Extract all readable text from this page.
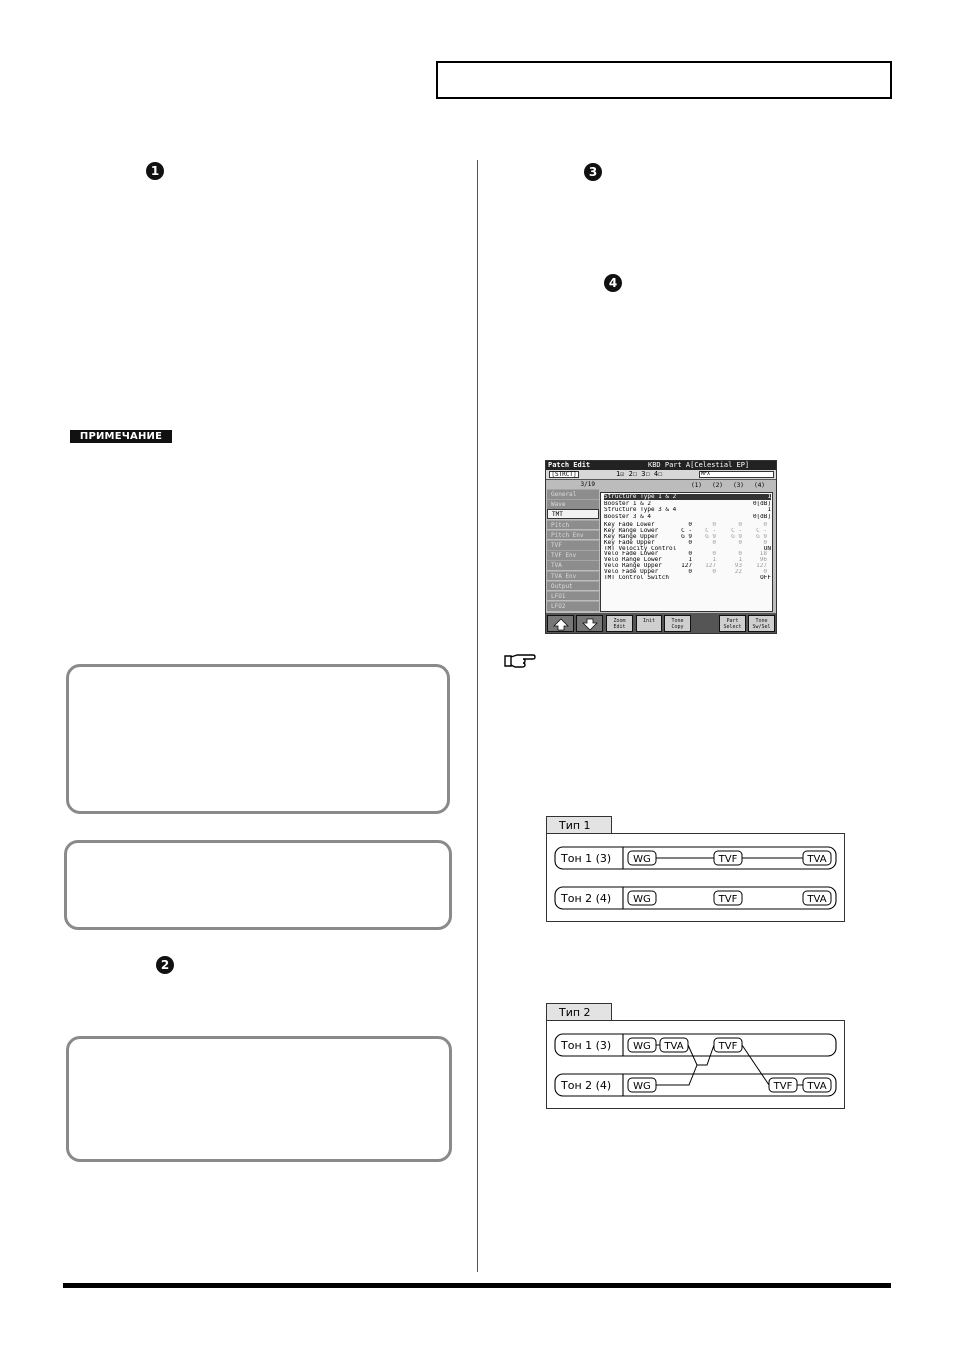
1
2
3
4
ПРИМЕЧАНИЕ
Patch Edit	KBD Part A[Celestial EP]
[STRCT]	1☑ 2☐ 3☐ 4☐	MFX
3/19
General
Wave
TMT
Pitch
Pitch Env
TVF
TVF Env
TVA
TVA Env
Output
LFO1
LFO2
(1) (2) (3) (4)
Structure Type 1 & 2	1
Booster 1 & 2	0[dB]
Structure Type 3 & 4	1
Booster 3 & 4	0[dB]
Key Fade Lower	0	0	0	0
Key Range Lower	C -	C -	C -	C -
Key Range Upper	G 9	G 9	G 9	G 9
Key Fade Upper	0	0	0	0
TMT Velocity Control	ON
Velo Fade Lower	0	0	0	18
Velo Range Lower	1	1	1	96
Velo Range Upper	127	127	93	127
Velo Fade Upper	0	0	22	0
TMT Control Switch	OFF
Zoom Edit
Init	Tone Copy
Part Select
Tone Sw/Sel
Тип 1
Тон 1 (3) WG	TVF	TVA
Тон 2 (4) WG	TVF	TVA
Тип 2
Тон 1 (3) WG TVA	TVF
Тон 2 (4) WG	TVF TVA
